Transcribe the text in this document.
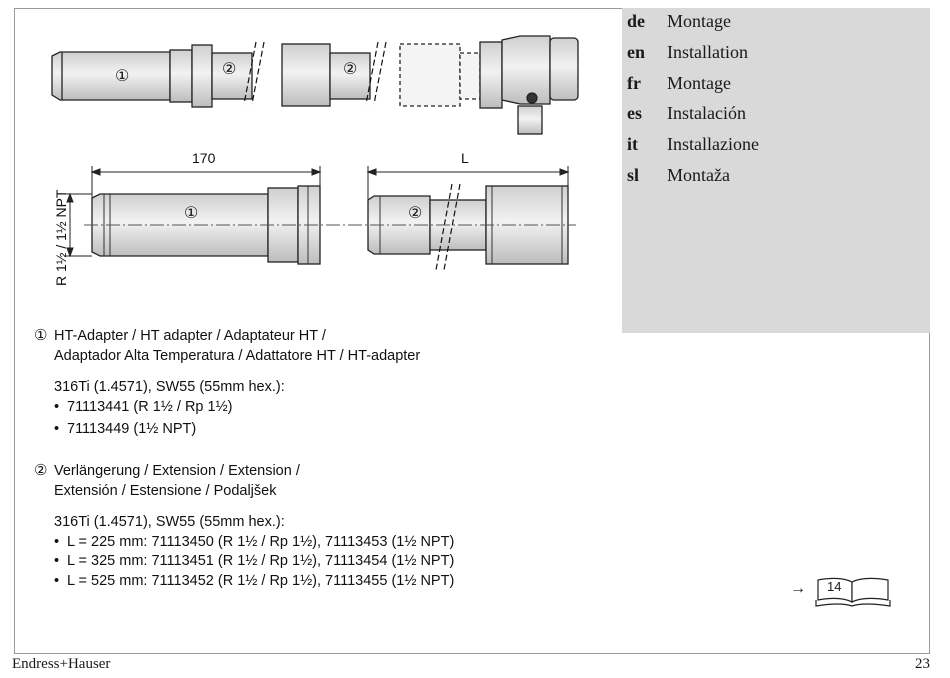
de Montage
en Installation
fr Montage
es Instalación
it Installazione
sl Montaža
①	②	②
170	L
R 1½ / 1½ NPT	①	②
→ 14
① HT-Adapter / HT adapter / Adaptateur HT /
Adaptador Alta Temperatura / Adattatore HT / HT-adapter
316Ti (1.4571), SW55 (55mm hex.):
• 71113441 (R 1½ / Rp 1½)
• 71113449 (1½ NPT)
② Verlängerung / Extension / Extension /
Extensión / Estensione / Podaljšek
316Ti (1.4571), SW55 (55mm hex.):
• L = 225 mm: 71113450 (R 1½ / Rp 1½), 71113453 (1½ NPT)
• L = 325 mm: 71113451 (R 1½ / Rp 1½), 71113454 (1½ NPT)
• L = 525 mm: 71113452 (R 1½ / Rp 1½), 71113455 (1½ NPT)
Endress+Hauser	23
